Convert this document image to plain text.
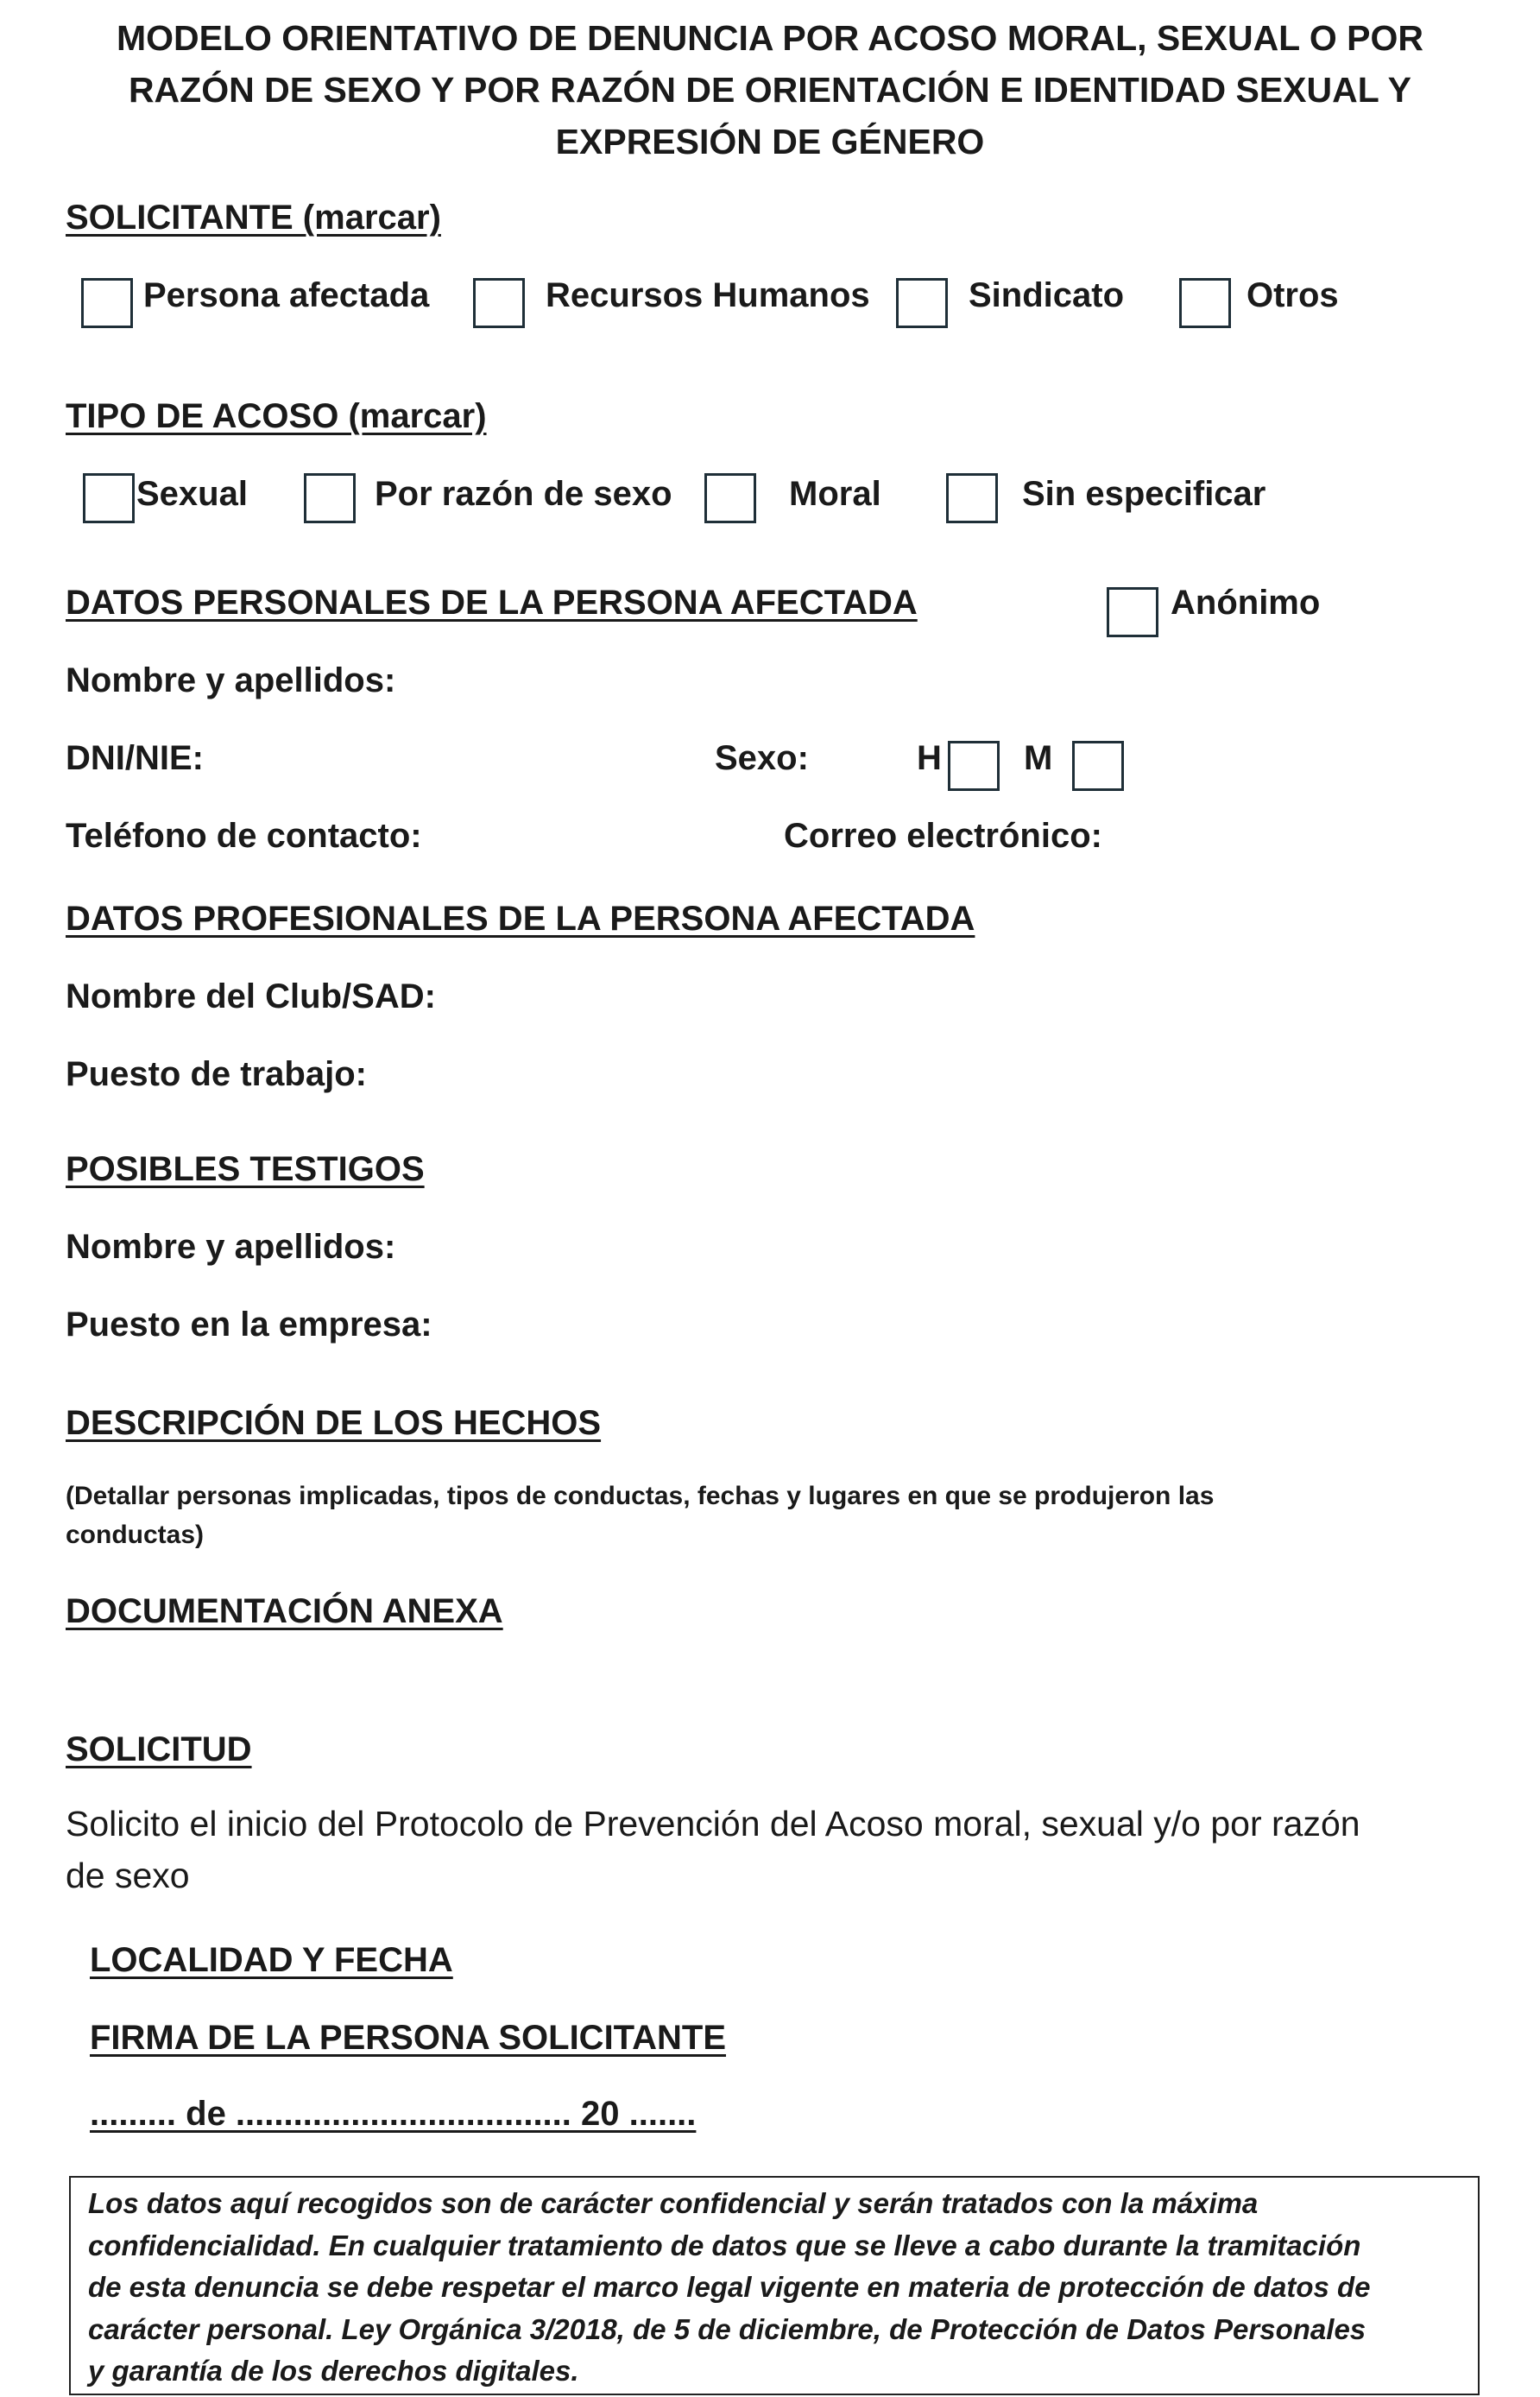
MODELO ORIENTATIVO DE DENUNCIA POR ACOSO MORAL, SEXUAL O POR
RAZÓN DE SEXO Y POR RAZÓN DE ORIENTACIÓN E IDENTIDAD SEXUAL Y
EXPRESIÓN DE GÉNERO
SOLICITANTE (marcar)
Persona afectada	Recursos Humanos	Sindicato	Otros
TIPO DE ACOSO (marcar)
Sexual	Por razón de sexo	Moral	Sin especificar
DATOS PERSONALES DE LA PERSONA AFECTADA	Anónimo
Nombre y apellidos:
DNI/NIE:	Sexo:	H M
Teléfono de contacto:	Correo electrónico:
DATOS PROFESIONALES DE LA PERSONA AFECTADA
Nombre del Club/SAD:
Puesto de trabajo:
POSIBLES TESTIGOS
Nombre y apellidos:
Puesto en la empresa:
DESCRIPCIÓN DE LOS HECHOS
(Detallar personas implicadas, tipos de conductas, fechas y lugares en que se produjeron las
conductas)
DOCUMENTACIÓN ANEXA
SOLICITUD
Solicito el inicio del Protocolo de Prevención del Acoso moral, sexual y/o por razón
de sexo
LOCALIDAD Y FECHA
FIRMA DE LA PERSONA SOLICITANTE
......... de ................................... 20 .......
Los datos aquí recogidos son de carácter confidencial y serán tratados con la máxima
confidencialidad. En cualquier tratamiento de datos que se lleve a cabo durante la tramitación
de esta denuncia se debe respetar el marco legal vigente en materia de protección de datos de
carácter personal. Ley Orgánica 3/2018, de 5 de diciembre, de Protección de Datos Personales
y garantía de los derechos digitales.
